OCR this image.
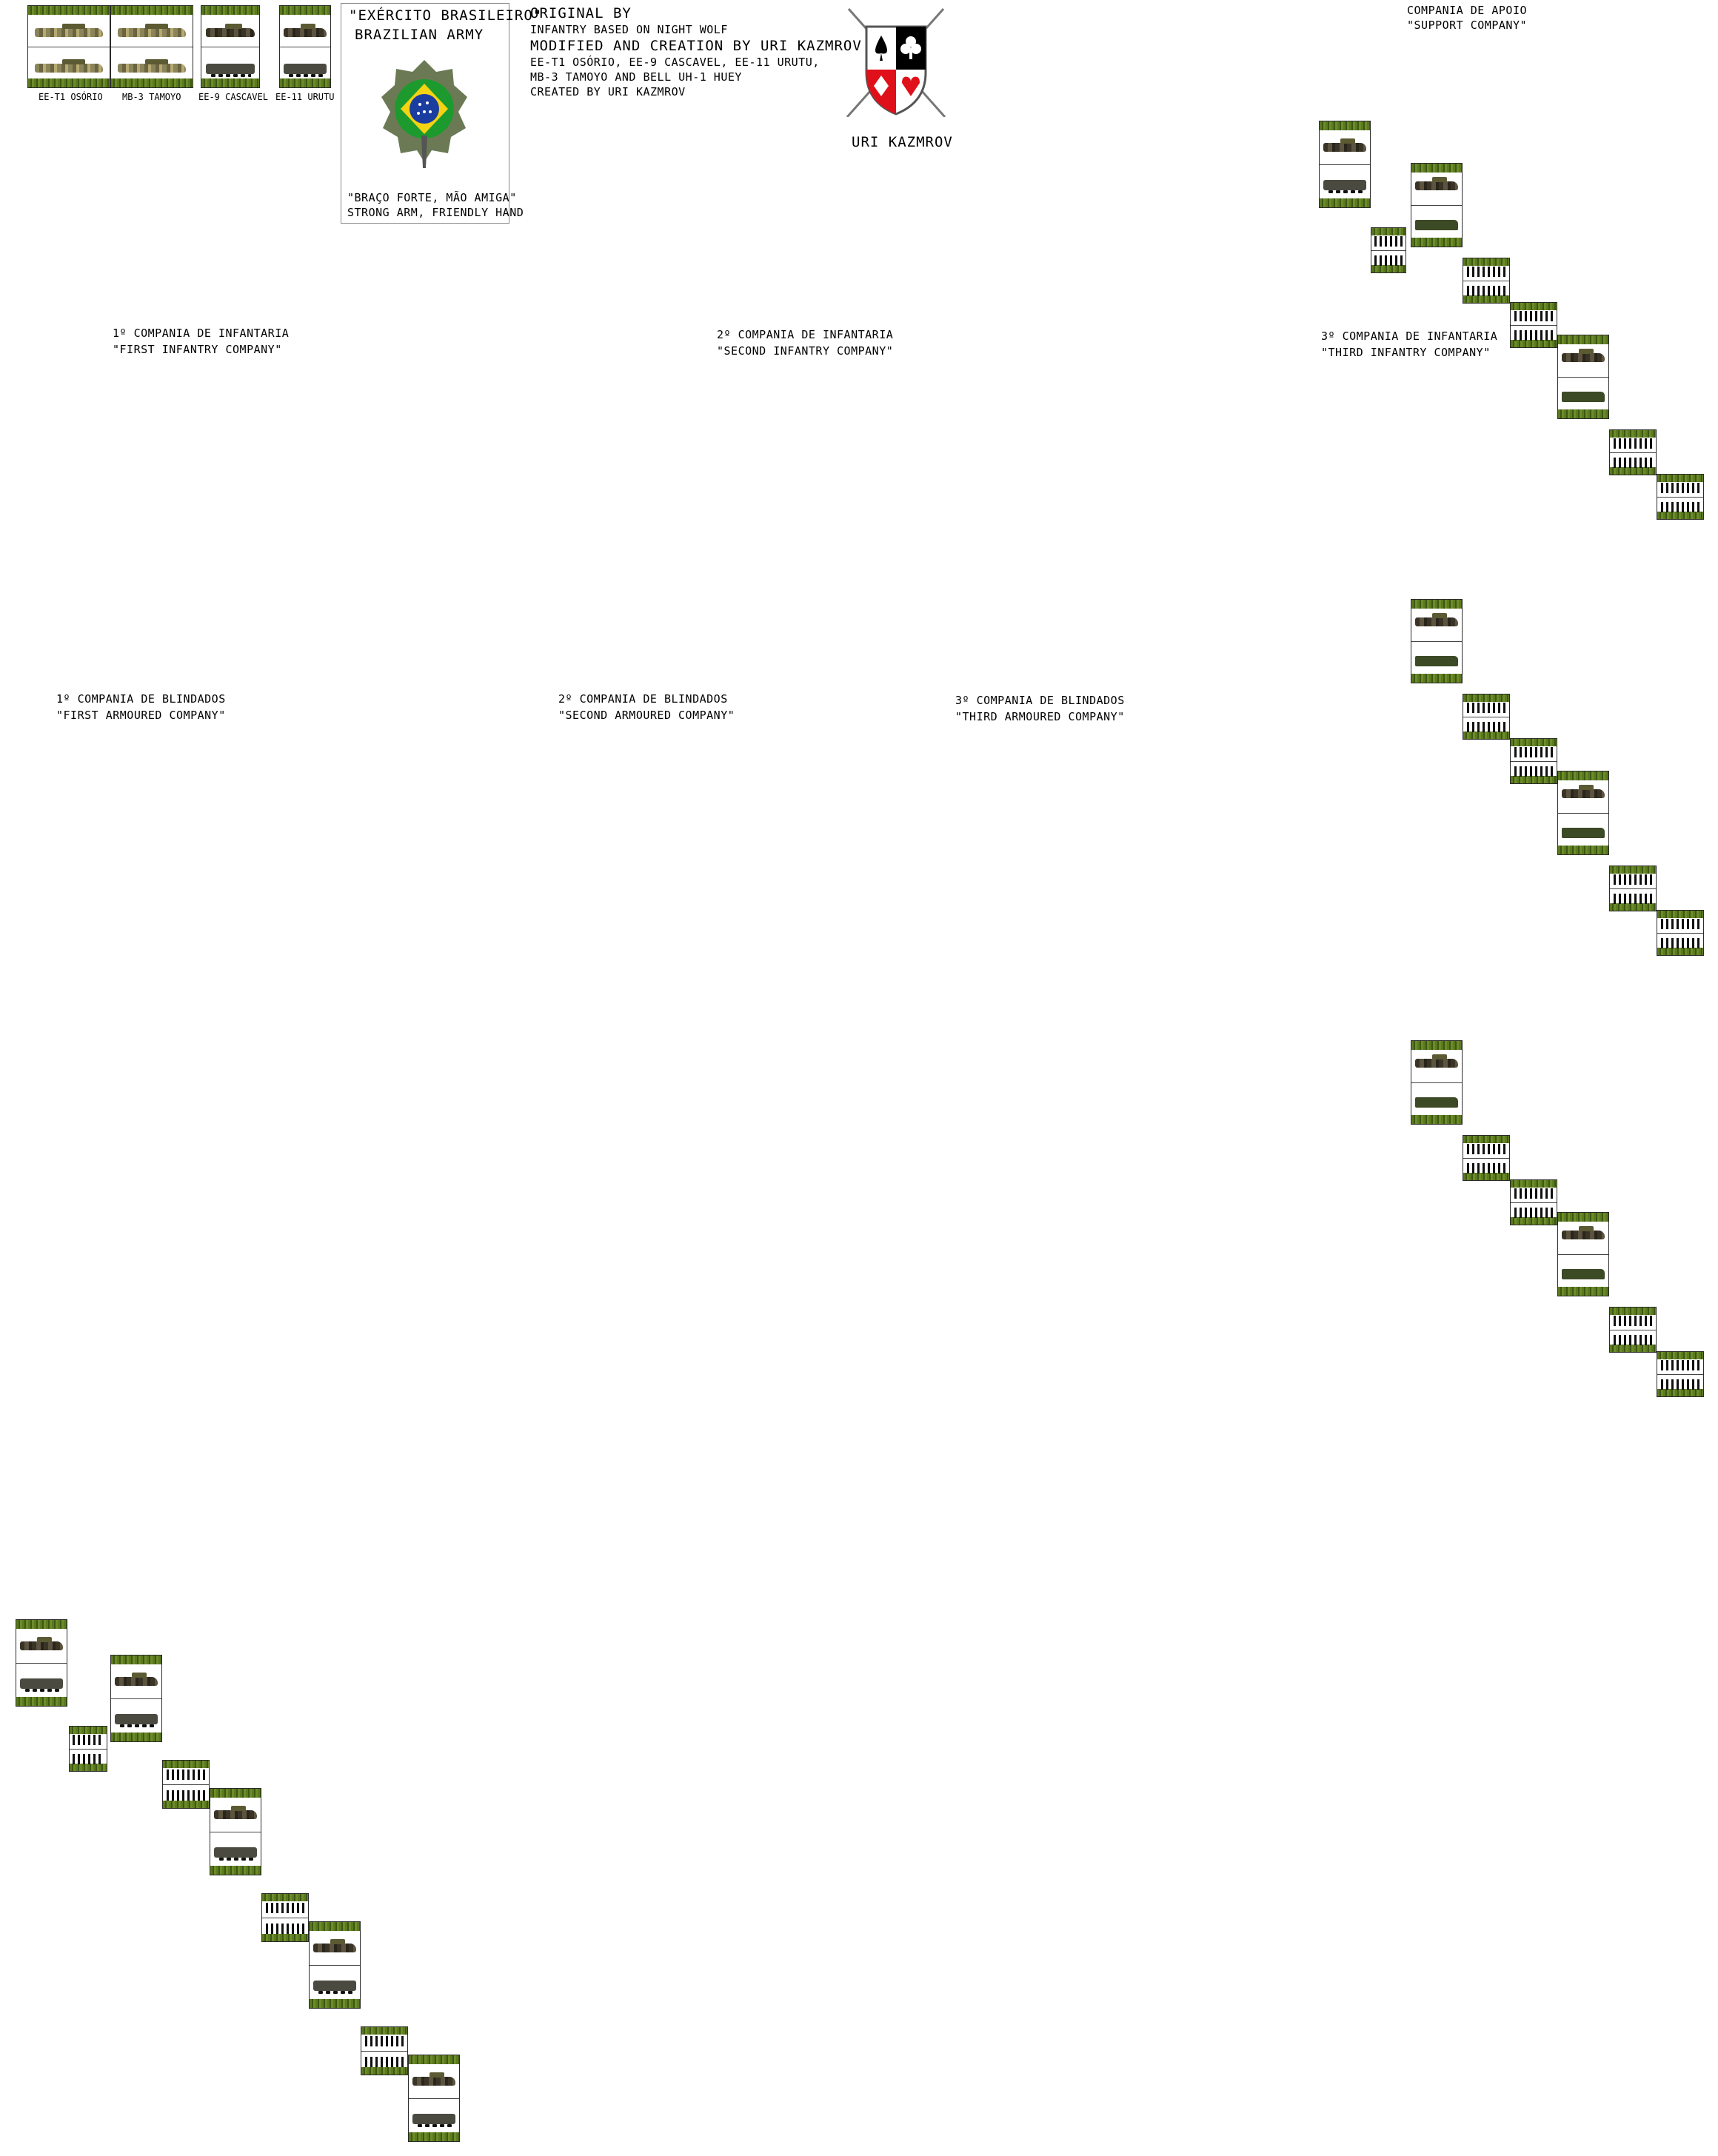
EE-T1 OSÓRIO MB-3 TAMOYO EE-9 CASCAVEL EE-11 URUTU
"EXÉRCITO BRASILEIRO"
BRAZILIAN ARMY
"BRAÇO FORTE, MÃO AMIGA"
STRONG ARM, FRIENDLY HAND
ORIGINAL BY
INFANTRY BASED ON NIGHT WOLF
MODIFIED AND CREATION BY URI KAZMROV
EE-T1 OSÓRIO, EE-9 CASCAVEL, EE-11 URUTU,
MB-3 TAMOYO AND BELL UH-1 HUEY
CREATED BY URI KAZMROV
URI KAZMROV
COMPANIA DE APOIO
"SUPPORT COMPANY"
1º COMPANIA DE INFANTARIA
"FIRST INFANTRY COMPANY"
2º COMPANIA DE INFANTARIA
"SECOND INFANTRY COMPANY"
3º COMPANIA DE INFANTARIA
"THIRD INFANTRY COMPANY"
1º COMPANIA DE BLINDADOS
"FIRST ARMOURED COMPANY"
2º COMPANIA DE BLINDADOS
"SECOND ARMOURED COMPANY"
3º COMPANIA DE BLINDADOS
"THIRD ARMOURED COMPANY"
